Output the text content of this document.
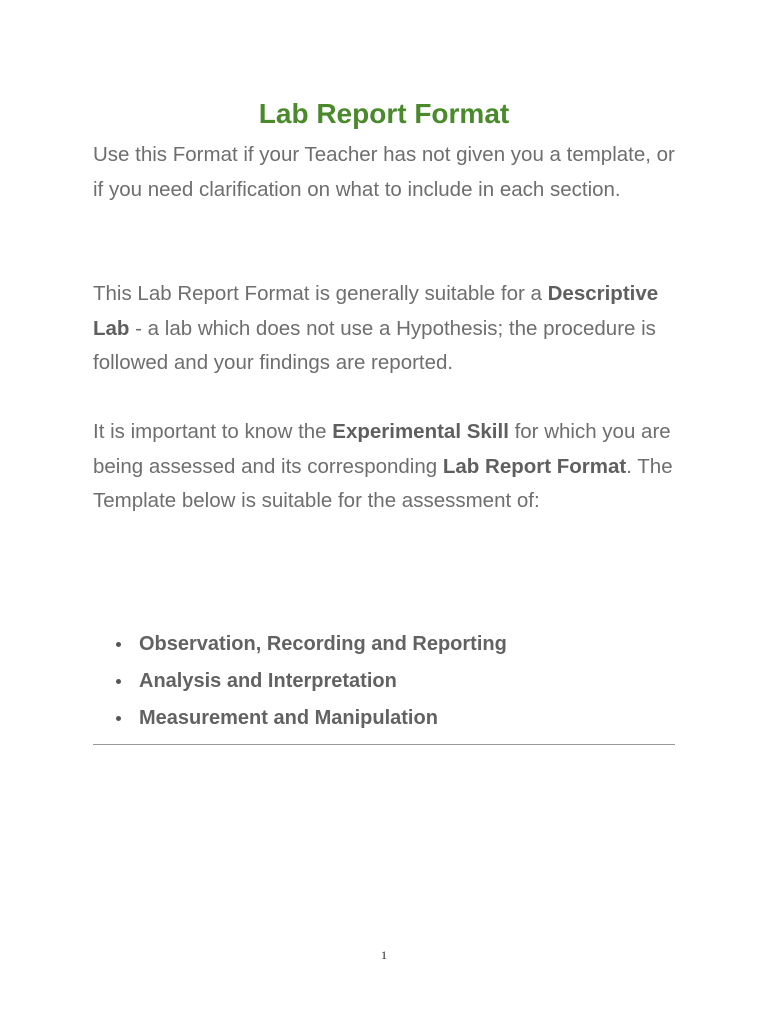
Lab Report Format

Use this Format if your Teacher has not given you a template, or if you need clarification on what to include in each section.

This Lab Report Format is generally suitable for a Descriptive Lab - a lab which does not use a Hypothesis; the procedure is followed and your findings are reported.

It is important to know the Experimental Skill for which you are being assessed and its corresponding Lab Report Format. The Template below is suitable for the assessment of:

Observation, Recording and Reporting
Analysis and Interpretation
Measurement and Manipulation
1
